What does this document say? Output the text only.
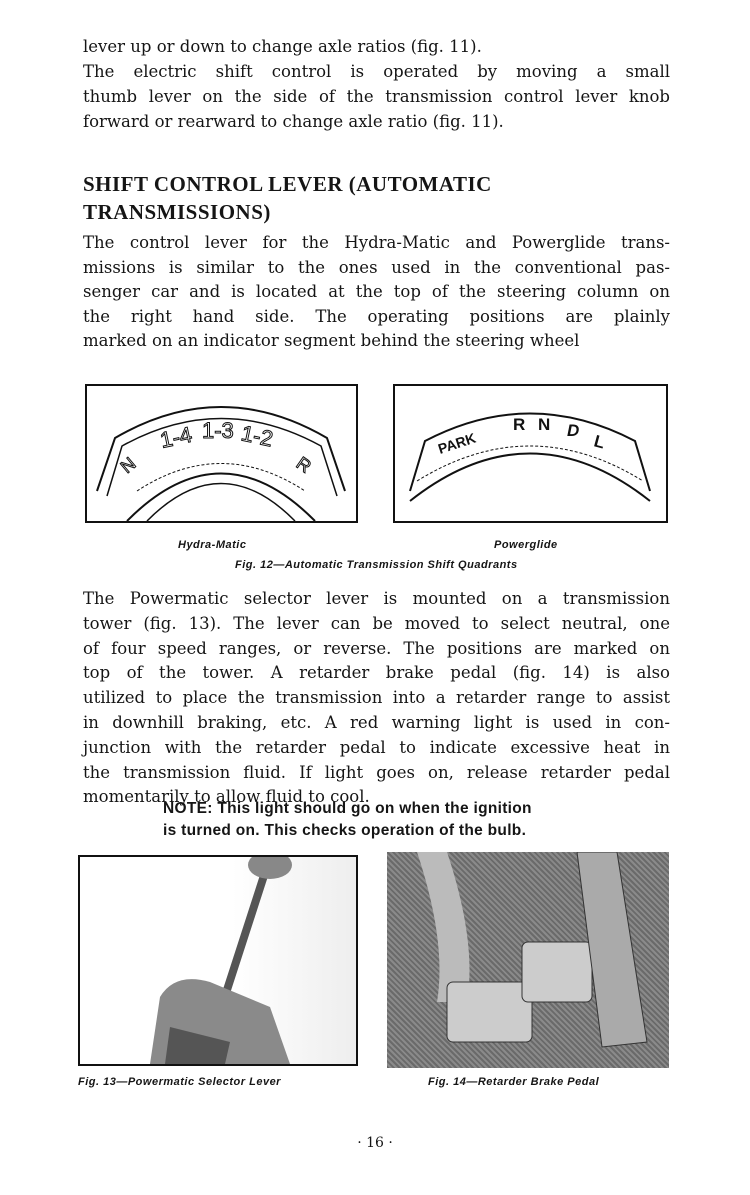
lever up or down to change axle ratios (fig. 11).
The electric shift control is operated by moving a small
thumb lever on the side of the transmission control lever knob
forward or rearward to change axle ratio (fig. 11).
SHIFT CONTROL LEVER (AUTOMATIC
TRANSMISSIONS)
The control lever for the Hydra-Matic and Powerglide trans-
missions is similar to the ones used in the conventional pas-
senger car and is located at the top of the steering column on
the right hand side. The operating positions are plainly
marked on an indicator segment behind the steering wheel
N
1-4 1-3 1-2
R
PARK
R N D
L
Hydra-Matic	Powerglide
Fig. 12—Automatic Transmission Shift Quadrants
The Powermatic selector lever is mounted on a transmission
tower (fig. 13). The lever can be moved to select neutral, one
of four speed ranges, or reverse. The positions are marked on
top of the tower. A retarder brake pedal (fig. 14) is also
utilized to place the transmission into a retarder range to assist
in downhill braking, etc. A red warning light is used in con-
junction with the retarder pedal to indicate excessive heat in
the transmission fluid. If light goes on, release retarder pedal
momentarily to allow fluid to cool.
NOTE: This light should go on when the ignition
is turned on. This checks operation of the bulb.
Fig. 13—Powermatic Selector Lever	Fig. 14—Retarder Brake Pedal
· 16 ·
